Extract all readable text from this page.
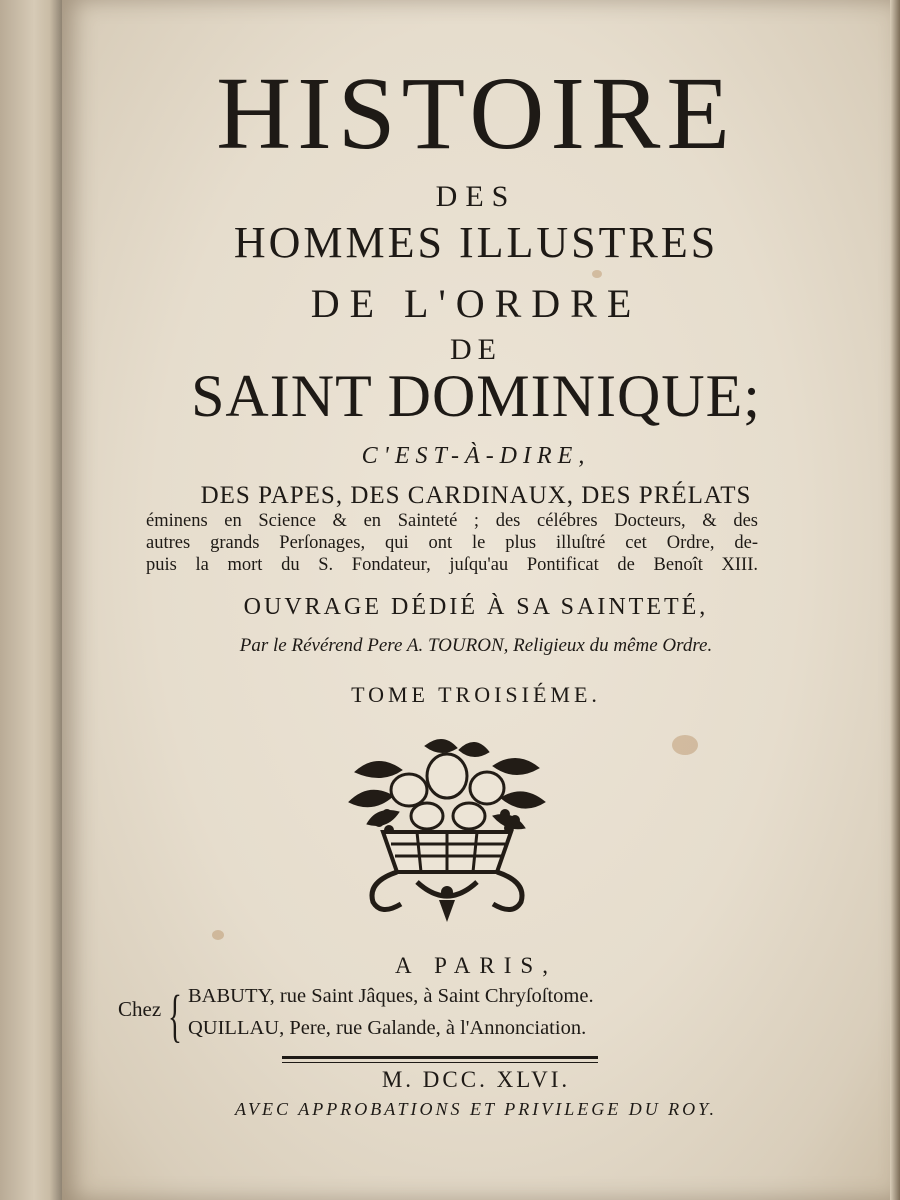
HISTOIRE

DES

HOMMES ILLUSTRES

DE L'ORDRE

DE

SAINT DOMINIQUE;

C'EST-À-DIRE,

DES PAPES, DES CARDINAUX, DES PRÉLATS

éminens en Science & en Sainteté ; des célébres Docteurs, & des
autres grands Perſonages, qui ont le plus illuſtré cet Ordre, de-
puis la mort du S. Fondateur, juſqu'au Pontificat de Benoît XIII.

OUVRAGE DÉDIÉ À SA SAINTETÉ,

Par le Révérend Pere A. TOURON, Religieux du même Ordre.

TOME TROISIÉME.

A PARIS,

Chez { BABUTY, rue Saint Jâques, à Saint Chryſoſtome.
QUILLAU, Pere, rue Galande, à l'Annonciation.

M. DCC. XLVI.

AVEC APPROBATIONS ET PRIVILEGE DU ROY.
